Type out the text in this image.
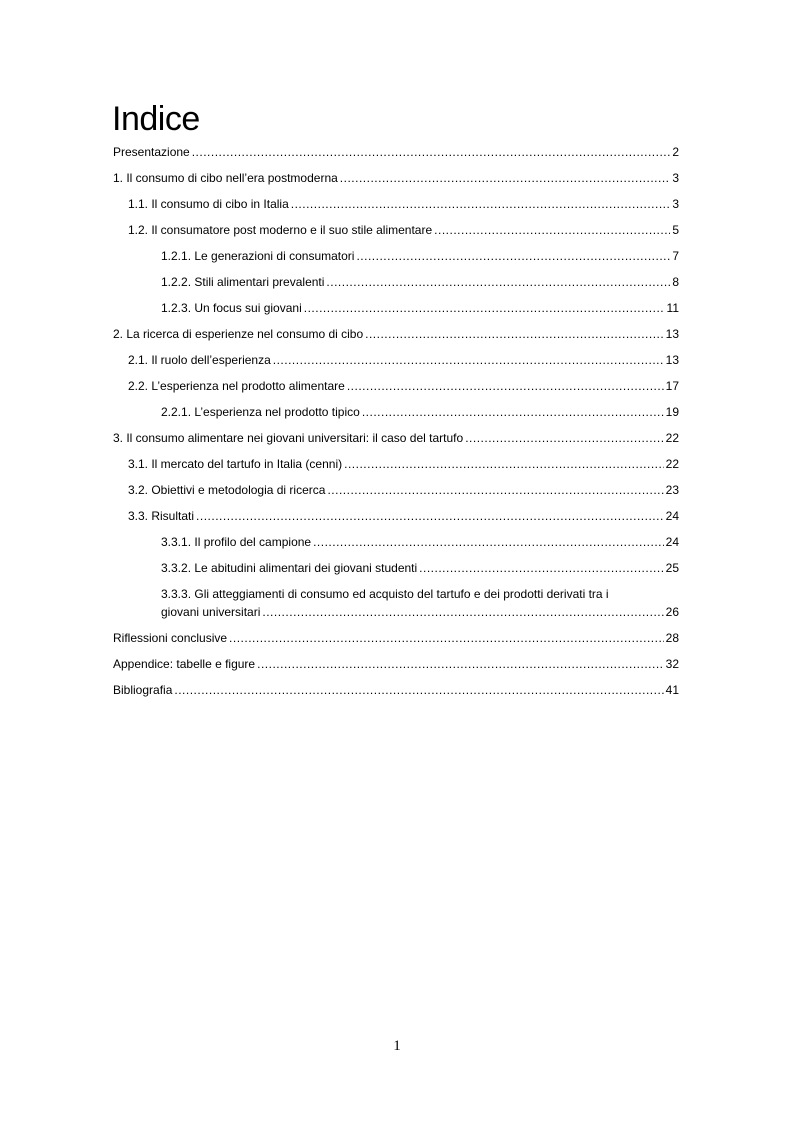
Indice
Presentazione .....	2
1. Il consumo di cibo nell’era postmoderna .....	3
1.1. Il consumo di cibo in Italia .....	3
1.2. Il consumatore post moderno e il suo stile alimentare .....	5
1.2.1. Le generazioni di consumatori .....	7
1.2.2. Stili alimentari prevalenti .....	8
1.2.3. Un focus sui giovani .....	11
2. La ricerca di esperienze nel consumo di cibo .....	13
2.1. Il ruolo dell’esperienza .....	13
2.2. L’esperienza nel prodotto alimentare .....	17
2.2.1. L’esperienza nel prodotto tipico .....	19
3. Il consumo alimentare nei giovani universitari: il caso del tartufo .....	22
3.1. Il mercato del tartufo in Italia (cenni) .....	22
3.2. Obiettivi e metodologia di ricerca .....	23
3.3. Risultati .....	24
3.3.1. Il profilo del campione .....	24
3.3.2. Le abitudini alimentari dei giovani studenti .....	25
3.3.3. Gli atteggiamenti di consumo ed acquisto del tartufo e dei prodotti derivati tra i
giovani universitari .....	26
Riflessioni conclusive .....	28
Appendice: tabelle e figure .....	32
Bibliografia .....	41
1
